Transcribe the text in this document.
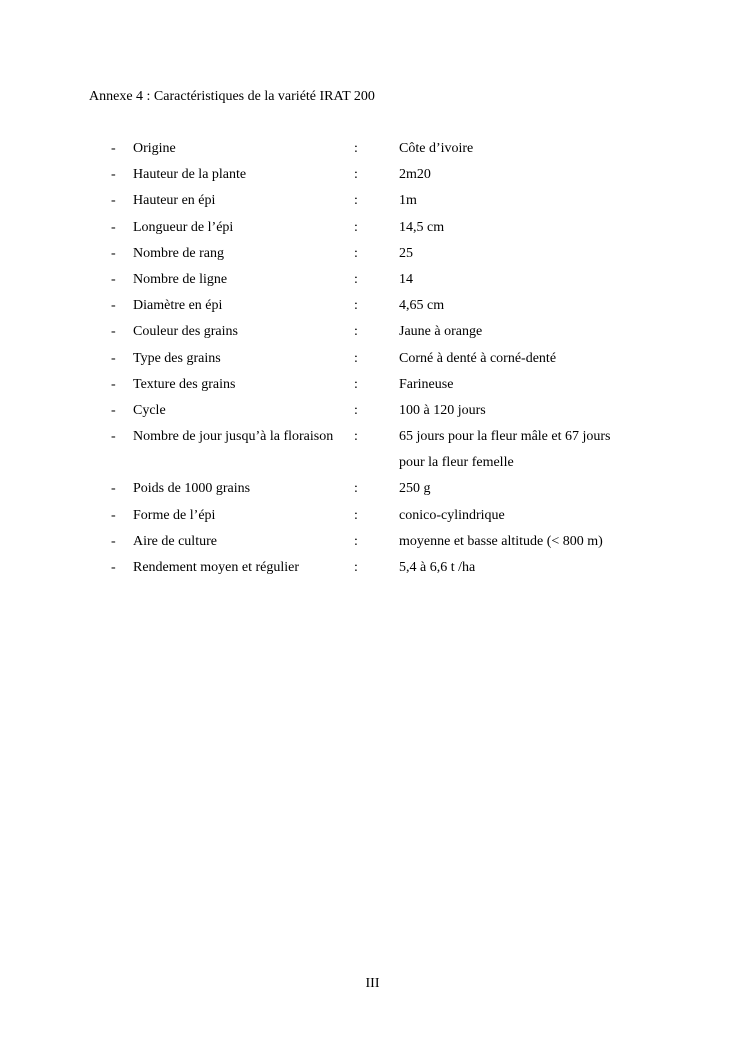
Annexe 4 : Caractéristiques de la variété IRAT 200
- Origine	:	Côte d’ivoire
- Hauteur de la plante	:	2m20
- Hauteur en épi	:	1m
- Longueur de l’épi	:	14,5 cm
- Nombre de rang	:	25
- Nombre de ligne	:	14
- Diamètre en épi	:	4,65 cm
- Couleur des grains	:	Jaune à orange
- Type des grains	:	Corné à denté à corné-denté
- Texture des grains	:	Farineuse
- Cycle	:	100 à 120 jours
- Nombre de jour jusqu’à la floraison :	65 jours pour la fleur mâle et 67 jours pour la fleur femelle
- Poids de 1000 grains	:	250 g
- Forme de l’épi	:	conico-cylindrique
- Aire de culture	:	moyenne et basse altitude (< 800 m)
- Rendement moyen et régulier	:	5,4 à 6,6 t /ha
III
